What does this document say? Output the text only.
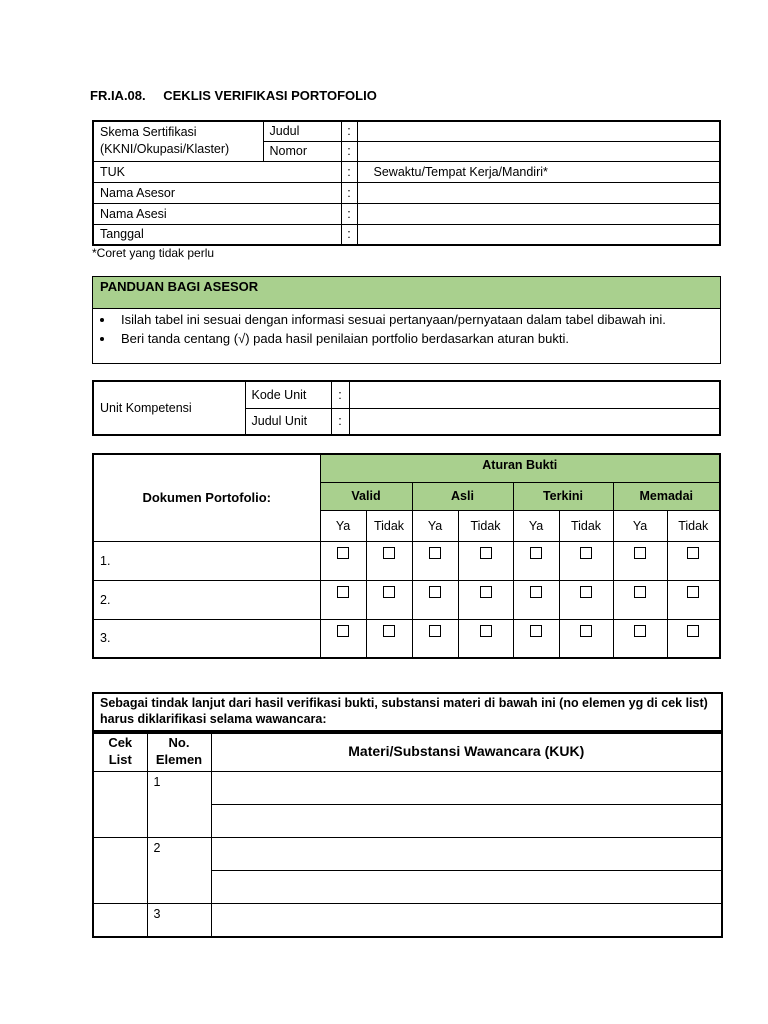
FR.IA.08. CEKLIS VERIFIKASI PORTOFOLIO
Skema Sertifikasi
(KKNI/Okupasi/Klaster)	Judul	:	
	Nomor	:	
TUK		:	Sewaktu/Tempat Kerja/Mandiri*
Nama Asesor		:	
Nama Asesi		:	
Tanggal		:	
*Coret yang tidak perlu
PANDUAN BAGI ASESOR
• Isilah tabel ini sesuai dengan informasi sesuai pertanyaan/pernyataan dalam tabel dibawah ini.
• Beri tanda centang (√) pada hasil penilaian portfolio berdasarkan aturan bukti.
Unit Kompetensi	Kode Unit	:	
	Judul Unit	:	
Dokumen Portofolio:	Aturan Bukti							
	Valid		Asli		Terkini		Memadai	
	Ya	Tidak	Ya	Tidak	Ya	Tidak	Ya	Tidak
1.								
2.								
3.								
Sebagai tindak lanjut dari hasil verifikasi bukti, substansi materi di bawah ini (no elemen yg di cek list) harus diklarifikasi selama wawancara:
Cek List	No. Elemen	Materi/Substansi Wawancara (KUK)
	1	

	2	

	3	
